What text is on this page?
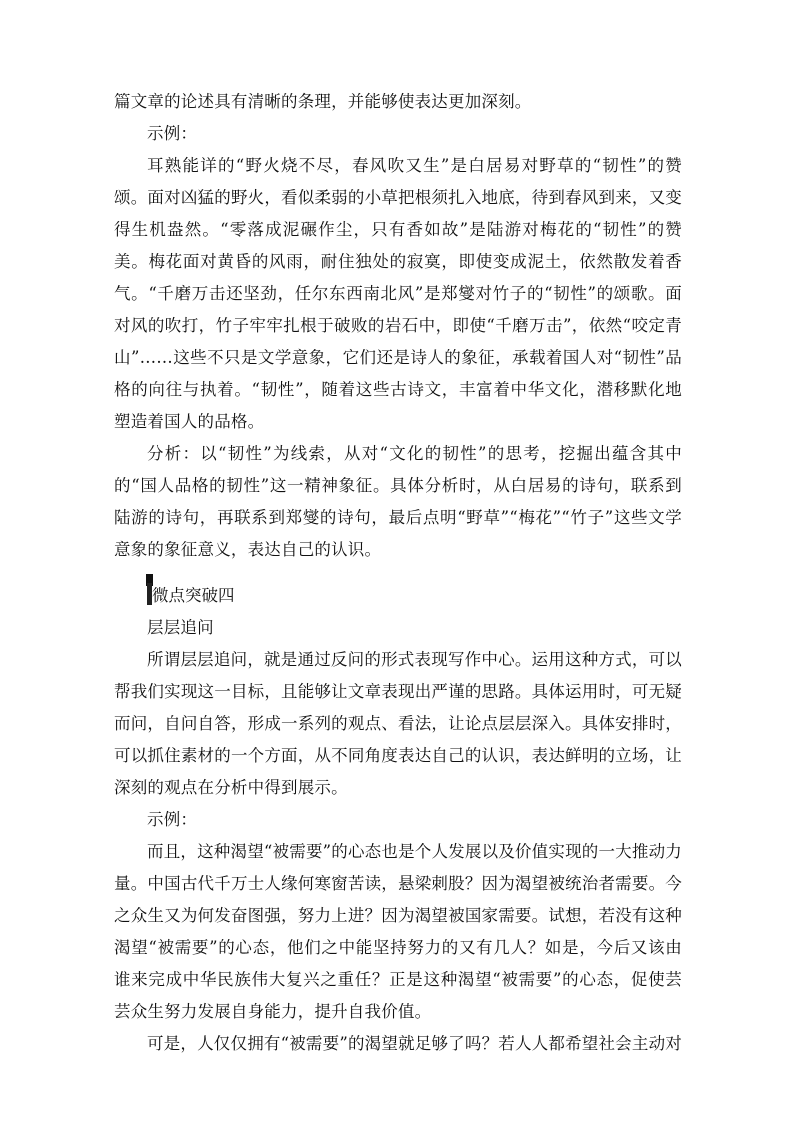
篇文章的论述具有清晰的条理，并能够使表达更加深刻。

示例：

耳熟能详的“野火烧不尽，春风吹又生”是白居易对野草的“韧性”的赞颂。面对凶猛的野火，看似柔弱的小草把根须扎入地底，待到春风到来，又变得生机盎然。“零落成泥碾作尘，只有香如故”是陆游对梅花的“韧性”的赞美。梅花面对黄昏的风雨，耐住独处的寂寞，即使变成泥土，依然散发着香气。“千磨万击还坚劲，任尔东西南北风”是郑燮对竹子的“韧性”的颂歌。面对风的吹打，竹子牢牢扎根于破败的岩石中，即使“千磨万击”，依然“咬定青山”……这些不只是文学意象，它们还是诗人的象征，承载着国人对“韧性”品格的向往与执着。“韧性”，随着这些古诗文，丰富着中华文化，潜移默化地塑造着国人的品格。

分析：以“韧性”为线索，从对“文化的韧性”的思考，挖掘出蕴含其中的“国人品格的韧性”这一精神象征。具体分析时，从白居易的诗句，联系到陆游的诗句，再联系到郑燮的诗句，最后点明“野草”“梅花”“竹子”这些文学意象的象征意义，表达自己的认识。

微点突破四

层层追问

所谓层层追问，就是通过反问的形式表现写作中心。运用这种方式，可以帮我们实现这一目标，且能够让文章表现出严谨的思路。具体运用时，可无疑而问，自问自答，形成一系列的观点、看法，让论点层层深入。具体安排时，可以抓住素材的一个方面，从不同角度表达自己的认识，表达鲜明的立场，让深刻的观点在分析中得到展示。

示例：

而且，这种渴望“被需要”的心态也是个人发展以及价值实现的一大推动力量。中国古代千万士人缘何寒窗苦读，悬梁刺股？因为渴望被统治者需要。今之众生又为何发奋图强，努力上进？因为渴望被国家需要。试想，若没有这种渴望“被需要”的心态，他们之中能坚持努力的又有几人？如是，今后又该由谁来完成中华民族伟大复兴之重任？正是这种渴望“被需要”的心态，促使芸芸众生努力发展自身能力，提升自我价值。

可是，人仅仅拥有“被需要”的渴望就足够了吗？若人人都希望社会主动对
